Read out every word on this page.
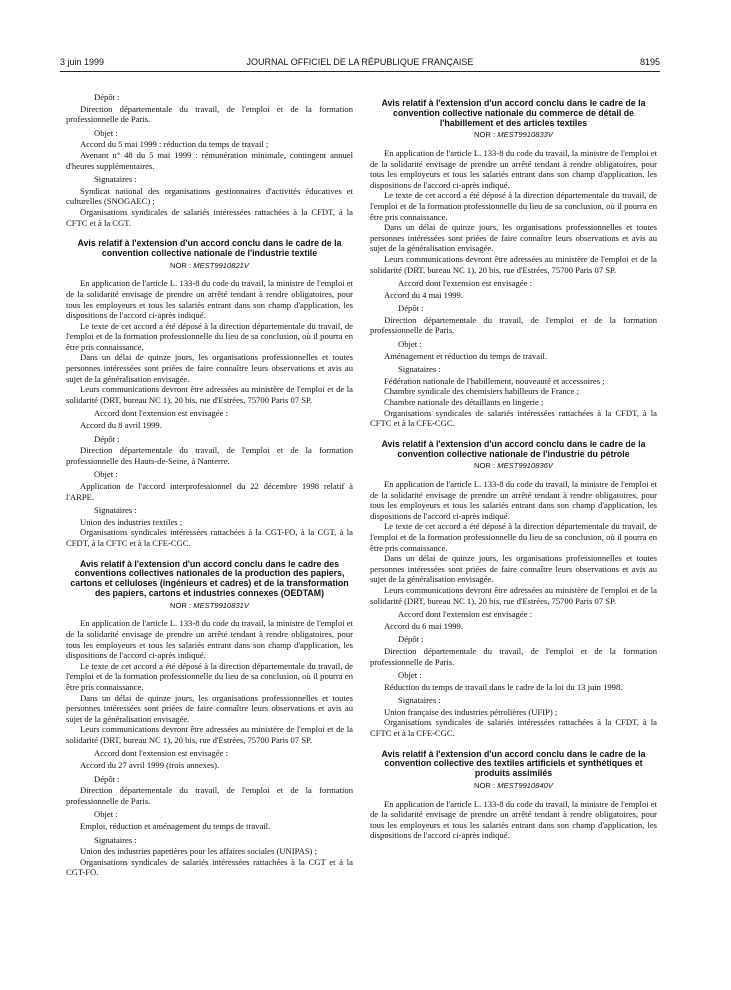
3 juin 1999	JOURNAL OFFICIEL DE LA RÉPUBLIQUE FRANÇAISE	8195

Dépôt :

Direction départementale du travail, de l'emploi et de la formation professionnelle de Paris.

Objet :

Accord du 5 mai 1999 : réduction du temps de travail ;

Avenant n° 48 du 5 mai 1999 : rémunération minimale, contingent annuel d'heures supplémentaires.

Signataires :

Syndicat national des organisations gestionnaires d'activités éducatives et culturelles (SNOGAEC) ;

Organisations syndicales de salariés intéressées rattachées à la CFDT, à la CFTC et à la CGT.

Avis relatif à l'extension d'un accord conclu dans le cadre de la convention collective nationale de l'industrie textile

NOR : MESТ9910821V

En application de l'article L. 133-8 du code du travail, la ministre de l'emploi et de la solidarité envisage de prendre un arrêté tendant à rendre obligatoires, pour tous les employeurs et tous les salariés entrant dans son champ d'application, les dispositions de l'accord ci-après indiqué.

Le texte de cet accord a été déposé à la direction départementale du travail, de l'emploi et de la formation professionnelle du lieu de sa conclusion, où il pourra en être pris connaissance.

Dans un délai de quinze jours, les organisations professionnelles et toutes personnes intéressées sont priées de faire connaître leurs observations et avis au sujet de la généralisation envisagée.

Leurs communications devront être adressées au ministère de l'emploi et de la solidarité (DRT, bureau NC 1), 20 bis, rue d'Estrées, 75700 Paris 07 SP.

Accord dont l'extension est envisagée :

Accord du 8 avril 1999.

Dépôt :

Direction départementale du travail, de l'emploi et de la formation professionnelle des Hauts-de-Seine, à Nanterre.

Objet :

Application de l'accord interprofessionnel du 22 décembre 1998 relatif à l'ARPE.

Signataires :

Union des industries textiles ;

Organisations syndicales intéressées rattachées à la CGT-FO, à la CGT, à la CFDT, à la CFTC et à la CFE-CGC.

Avis relatif à l'extension d'un accord conclu dans le cadre des conventions collectives nationales de la production des papiers, cartons et celluloses (ingénieurs et cadres) et de la transformation des papiers, cartons et industries connexes (OEDTAM)

NOR : MESТ9910831V

En application de l'article L. 133-8 du code du travail, la ministre de l'emploi et de la solidarité envisage de prendre un arrêté tendant à rendre obligatoires, pour tous les employeurs et tous les salariés entrant dans son champ d'application, les dispositions de l'accord ci-après indiqué.

Le texte de cet accord a été déposé à la direction départementale du travail, de l'emploi et de la formation professionnelle du lieu de sa conclusion, où il pourra en être pris connaissance.

Dans un délai de quinze jours, les organisations professionnelles et toutes personnes intéressées sont priées de faire connaître leurs observations et avis au sujet de la généralisation envisagée.

Leurs communications devront être adressées au ministère de l'emploi et de la solidarité (DRT, bureau NC 1), 20 bis, rue d'Estrées, 75700 Paris 07 SP.

Accord dont l'extension est envisagée :

Accord du 27 avril 1999 (trois annexes).

Dépôt :

Direction départementale du travail, de l'emploi et de la formation professionnelle de Paris.

Objet :

Emploi, réduction et aménagement du temps de travail.

Signataires :

Union des industries papetières pour les affaires sociales (UNIPAS) ;

Organisations syndicales de salariés intéressées rattachées à la CGT et à la CGT-FO.

Avis relatif à l'extension d'un accord conclu dans le cadre de la convention collective nationale du commerce de détail de l'habillement et des articles textiles

NOR : MESТ9910833V

En application de l'article L. 133-8 du code du travail, la ministre de l'emploi et de la solidarité envisage de prendre un arrêté tendant à rendre obligatoires, pour tous les employeurs et tous les salariés entrant dans son champ d'application, les dispositions de l'accord ci-après indiqué.

Le texte de cet accord a été déposé à la direction départementale du travail, de l'emploi et de la formation professionnelle du lieu de sa conclusion, où il pourra en être pris connaissance.

Dans un délai de quinze jours, les organisations professionnelles et toutes personnes intéressées sont priées de faire connaître leurs observations et avis au sujet de la généralisation envisagée.

Leurs communications devront être adressées au ministère de l'emploi et de la solidarité (DRT, bureau NC 1), 20 bis, rue d'Estrées, 75700 Paris 07 SP.

Accord dont l'extension est envisagée :

Accord du 4 mai 1999.

Dépôt :

Direction départementale du travail, de l'emploi et de la formation professionnelle de Paris.

Objet :

Aménagement et réduction du temps de travail.

Signataires :

Fédération nationale de l'habillement, nouveauté et accessoires ;

Chambre syndicale des chemisiers habilleurs de France ;

Chambre nationale des détaillants en lingerie ;

Organisations syndicales de salariés intéressées rattachées à la CFDT, à la CFTC et à la CFE-CGC.

Avis relatif à l'extension d'un accord conclu dans le cadre de la convention collective nationale de l'industrie du pétrole

NOR : MESТ9910836V

En application de l'article L. 133-8 du code du travail, la ministre de l'emploi et de la solidarité envisage de prendre un arrêté tendant à rendre obligatoires, pour tous les employeurs et tous les salariés entrant dans son champ d'application, les dispositions de l'accord ci-après indiqué.

Le texte de cet accord a été déposé à la direction départementale du travail, de l'emploi et de la formation professionnelle du lieu de sa conclusion, où il pourra en être pris connaissance.

Dans un délai de quinze jours, les organisations professionnelles et toutes personnes intéressées sont priées de faire connaître leurs observations et avis au sujet de la généralisation envisagée.

Leurs communications devront être adressées au ministère de l'emploi et de la solidarité (DRT, bureau NC 1), 20 bis, rue d'Estrées, 75700 Paris 07 SP.

Accord dont l'extension est envisagée :

Accord du 6 mai 1999.

Dépôt :

Direction départementale du travail, de l'emploi et de la formation professionnelle de Paris.

Objet :

Réduction du temps de travail dans le cadre de la loi du 13 juin 1998.

Signataires :

Union française des industries pétrolières (UFIP) ;

Organisations syndicales de salariés intéressées rattachées à la CFDT, à la CFTC et à la CFE-CGC.

Avis relatif à l'extension d'un accord conclu dans le cadre de la convention collective des textiles artificiels et synthétiques et produits assimilés

NOR : MESТ9910840V

En application de l'article L. 133-8 du code du travail, la ministre de l'emploi et de la solidarité envisage de prendre un arrêté tendant à rendre obligatoires, pour tous les employeurs et tous les salariés entrant dans son champ d'application, les dispositions de l'accord ci-après indiqué.
